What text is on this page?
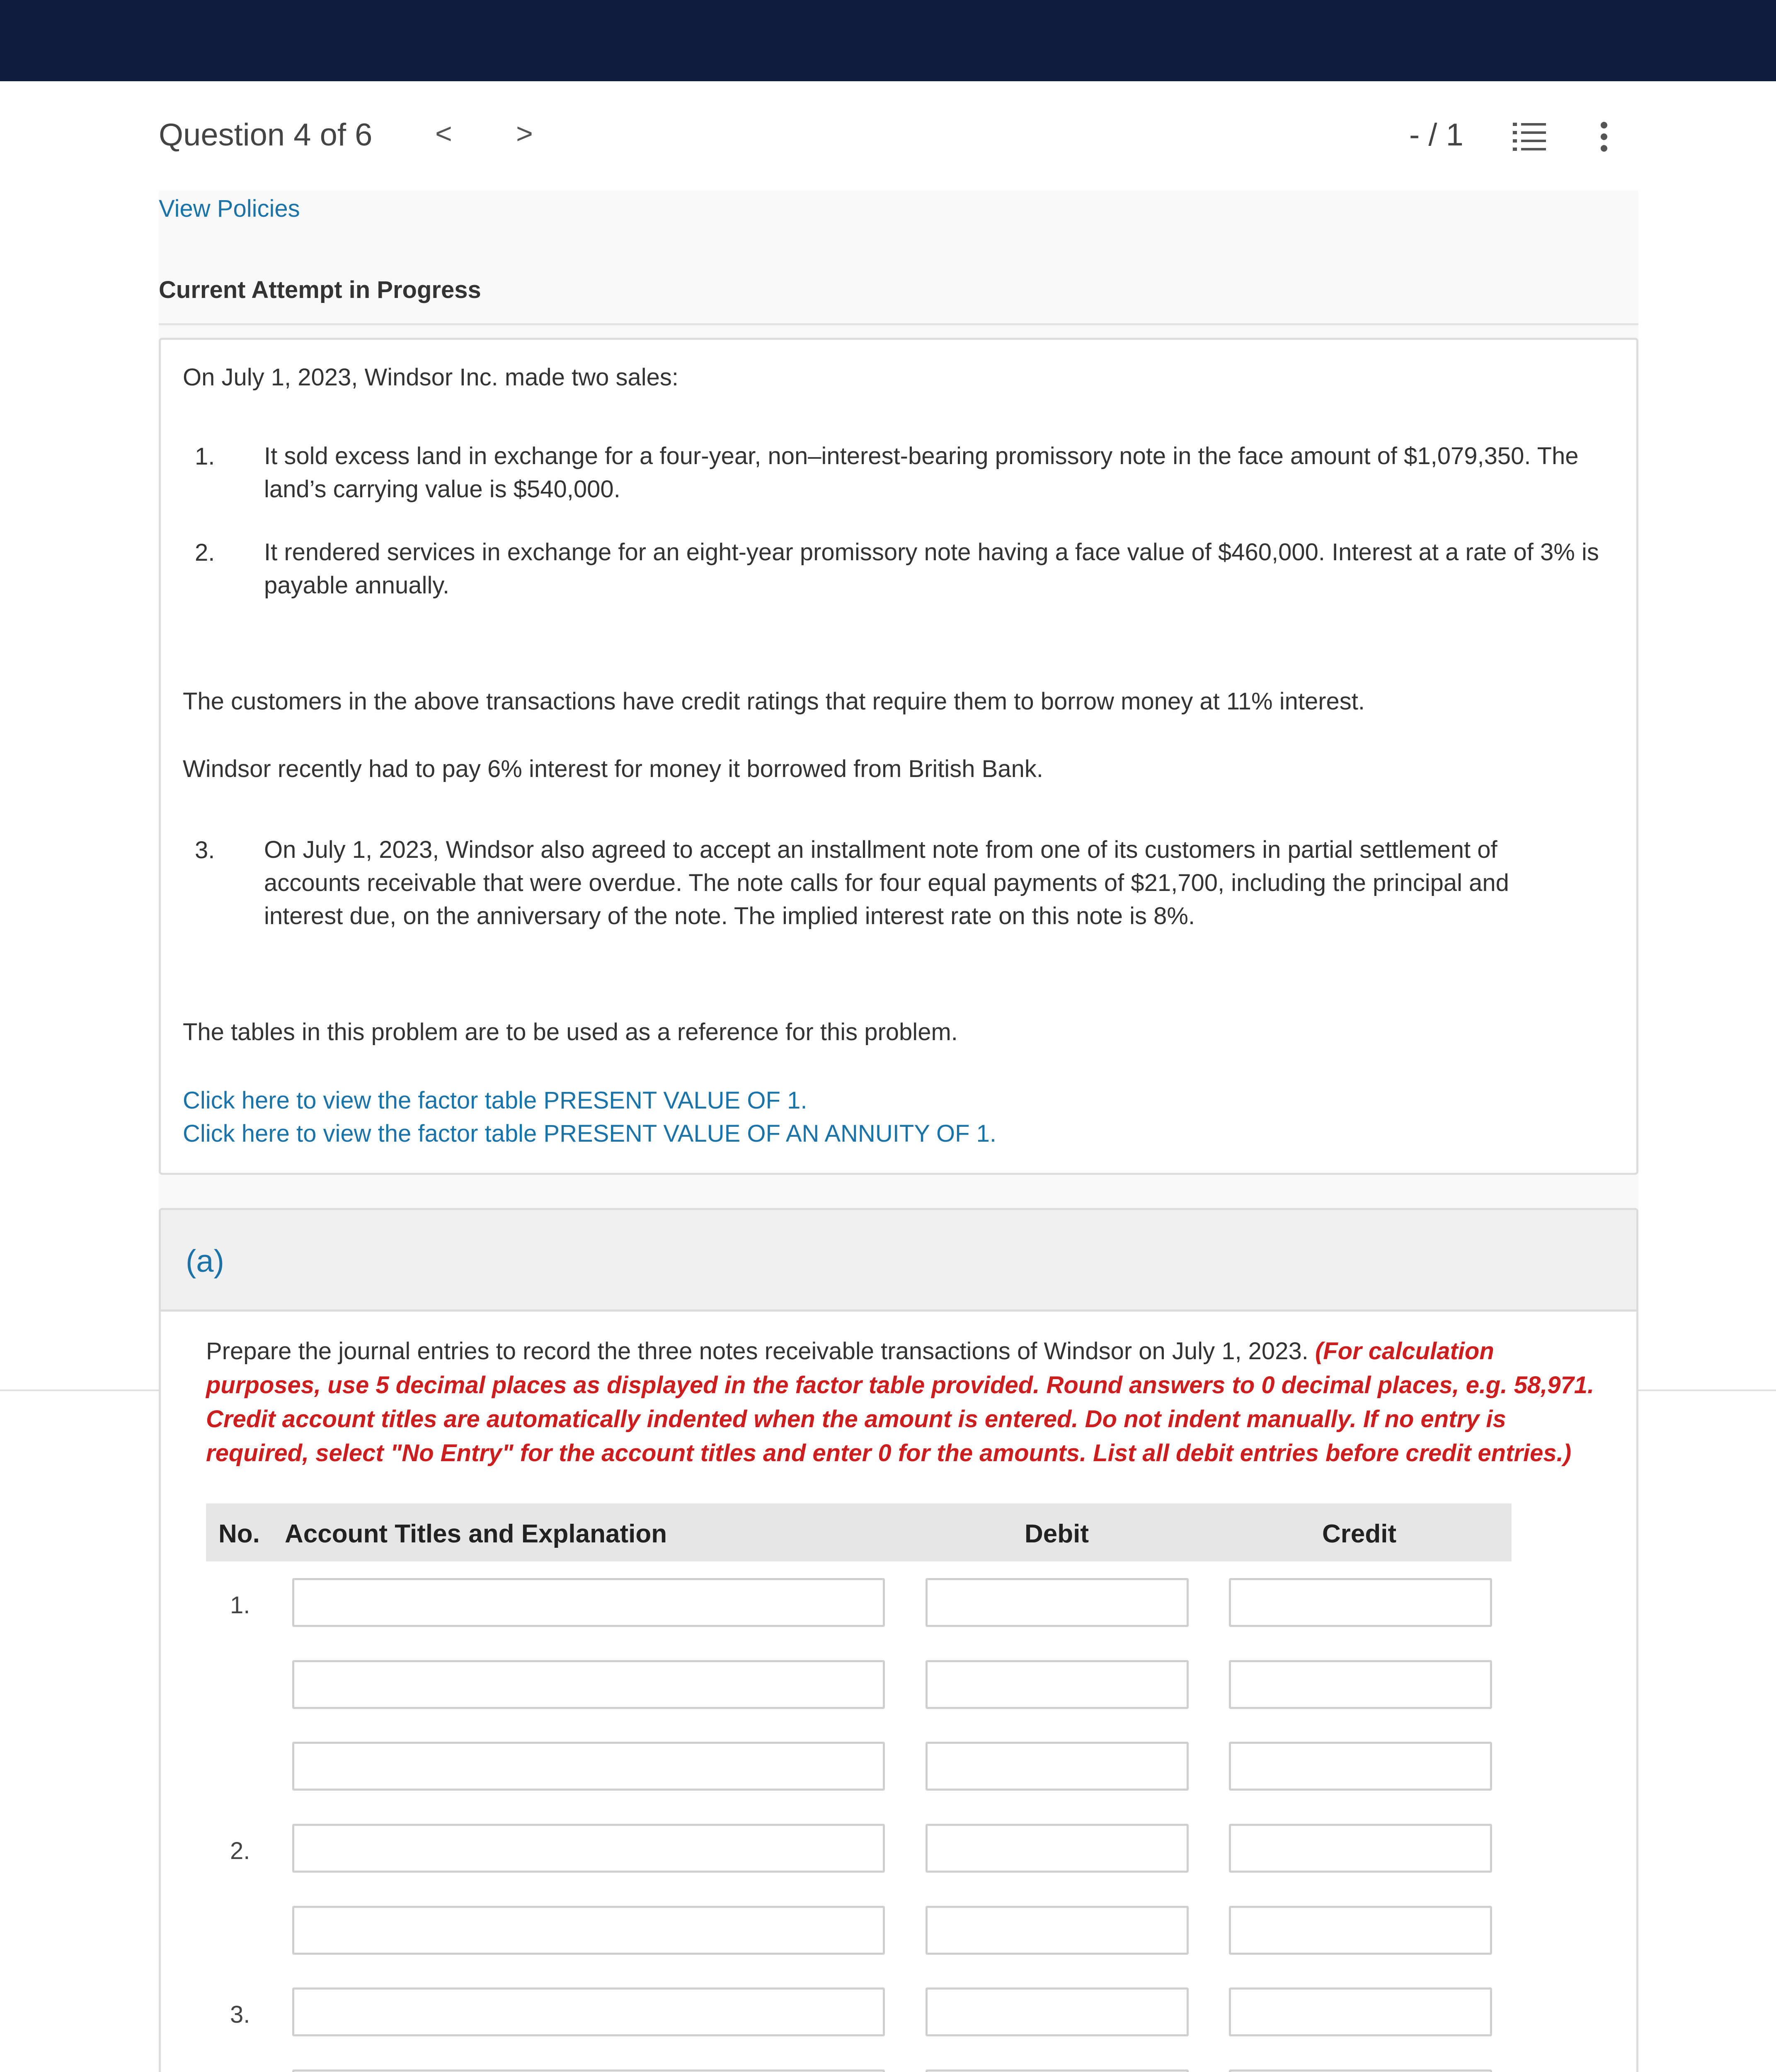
Question 4 of 6 < >	- / 1
View Policies
Current Attempt in Progress
On July 1, 2023, Windsor Inc. made two sales:
1. It sold excess land in exchange for a four-year, non–interest-bearing promissory note in the face amount of $1,079,350. The
land’s carrying value is $540,000.
2. It rendered services in exchange for an eight-year promissory note having a face value of $460,000. Interest at a rate of 3% is
payable annually.
The customers in the above transactions have credit ratings that require them to borrow money at 11% interest.
Windsor recently had to pay 6% interest for money it borrowed from British Bank.
3. On July 1, 2023, Windsor also agreed to accept an installment note from one of its customers in partial settlement of
accounts receivable that were overdue. The note calls for four equal payments of $21,700, including the principal and
interest due, on the anniversary of the note. The implied interest rate on this note is 8%.
The tables in this problem are to be used as a reference for this problem.
Click here to view the factor table PRESENT VALUE OF 1.
Click here to view the factor table PRESENT VALUE OF AN ANNUITY OF 1.
(a)
Prepare the journal entries to record the three notes receivable transactions of Windsor on July 1, 2023. (For calculation purposes, use 5 decimal places as displayed in the factor table provided. Round answers to 0 decimal places, e.g. 58,971. Credit account titles are automatically indented when the amount is entered. Do not indent manually. If no entry is required, select "No Entry" for the account titles and enter 0 for the amounts. List all debit entries before credit entries.)
No. Account Titles and Explanation	Debit	Credit
1.
2.
3.
